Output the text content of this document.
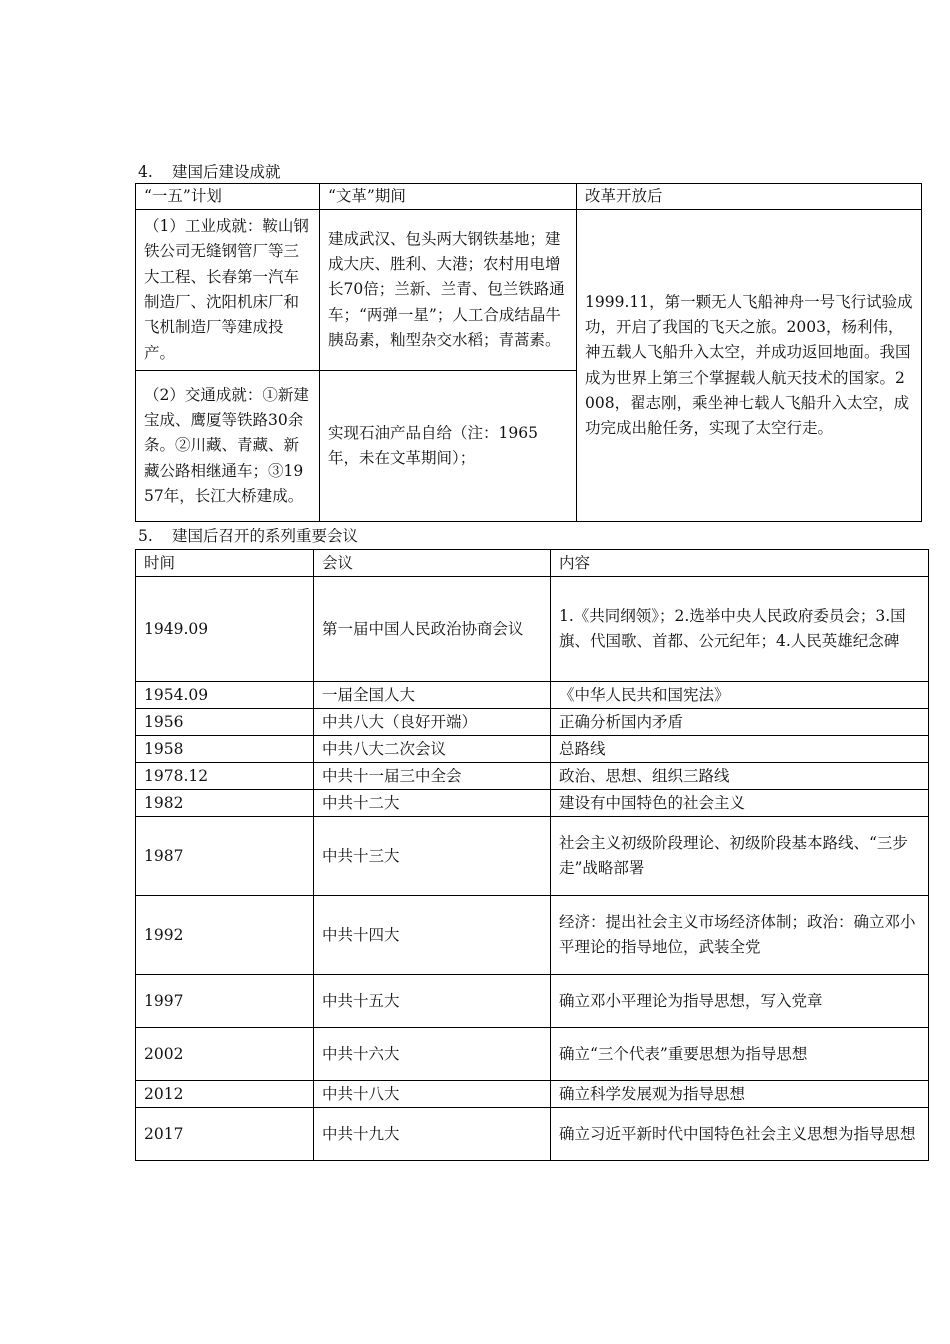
4. 建国后建设成就
“一五”计划	“文革”期间	改革开放后
（1）工业成就：鞍山钢铁公司无缝钢管厂等三大工程、长春第一汽车制造厂、沈阳机床厂和飞机制造厂等建成投产。	建成武汉、包头两大钢铁基地；建成大庆、胜利、大港；农村用电增长70倍；兰新、兰青、包兰铁路通车；“两弹一星”；人工合成结晶牛胰岛素，籼型杂交水稻；青蒿素。	1999.11，第一颗无人飞船神舟一号飞行试验成功，开启了我国的飞天之旅。2003，杨利伟，神五载人飞船升入太空，并成功返回地面。我国成为世界上第三个掌握载人航天技术的国家。2008，翟志刚，乘坐神七载人飞船升入太空，成功完成出舱任务，实现了太空行走。
（2）交通成就：①新建宝成、鹰厦等铁路30余条。②川藏、青藏、新藏公路相继通车；③1957年，长江大桥建成。	实现石油产品自给（注：1965年，未在文革期间）；	
5. 建国后召开的系列重要会议
时间	会议	内容
1949.09	第一届中国人民政治协商会议	1.《共同纲领》；2.选举中央人民政府委员会；3.国旗、代国歌、首都、公元纪年；4.人民英雄纪念碑
1954.09	一届全国人大	《中华人民共和国宪法》
1956	中共八大（良好开端）	正确分析国内矛盾
1958	中共八大二次会议	总路线
1978.12	中共十一届三中全会	政治、思想、组织三路线
1982	中共十二大	建设有中国特色的社会主义
1987	中共十三大	社会主义初级阶段理论、初级阶段基本路线、“三步走”战略部署
1992	中共十四大	经济：提出社会主义市场经济体制；政治：确立邓小平理论的指导地位，武装全党
1997	中共十五大	确立邓小平理论为指导思想，写入党章
2002	中共十六大	确立“三个代表”重要思想为指导思想
2012	中共十八大	确立科学发展观为指导思想
2017	中共十九大	确立习近平新时代中国特色社会主义思想为指导思想
